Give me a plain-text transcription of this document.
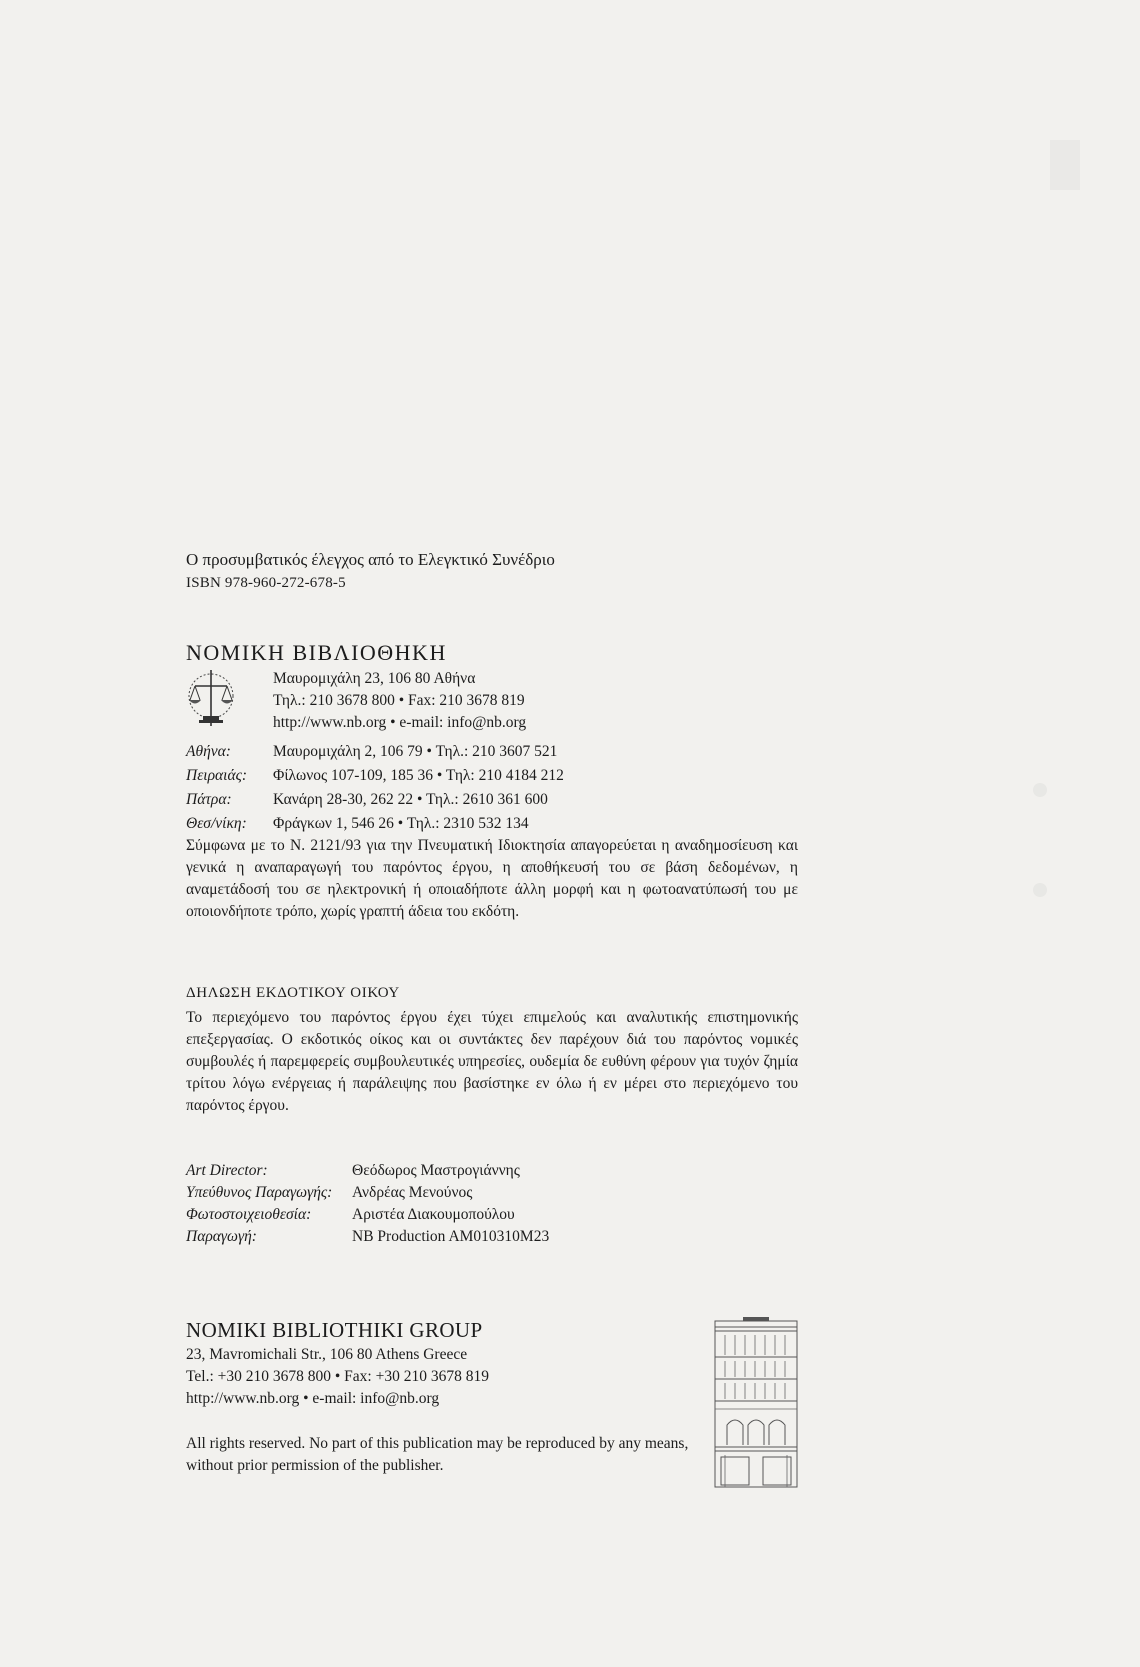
Ο προσυμβατικός έλεγχος από το Ελεγκτικό Συνέδριο
ISBN 978-960-272-678-5
ΝΟΜΙΚΗ ΒΙΒΛΙΟΘΗΚΗ
Μαυρομιχάλη 23, 106 80 Αθήνα
Τηλ.: 210 3678 800 • Fax: 210 3678 819
http://www.nb.org • e-mail: info@nb.org
Αθήνα:	Μαυρομιχάλη 2, 106 79 • Τηλ.: 210 3607 521
Πειραιάς:	Φίλωνος 107-109, 185 36 • Τηλ: 210 4184 212
Πάτρα:	Κανάρη 28-30, 262 22 • Τηλ.: 2610 361 600
Θεσ/νίκη:	Φράγκων 1, 546 26 • Τηλ.: 2310 532 134
Σύμφωνα με το Ν. 2121/93 για την Πνευματική Ιδιοκτησία απαγορεύεται η αναδημοσίευση και γενικά η αναπαραγωγή του παρόντος έργου, η αποθήκευσή του σε βάση δεδομένων, η αναμετάδοσή του σε ηλεκτρονική ή οποιαδήποτε άλλη μορφή και η φωτοανατύπωσή του με οποιονδήποτε τρόπο, χωρίς γραπτή άδεια του εκδότη.
ΔΗΛΩΣΗ ΕΚΔΟΤΙΚΟΥ ΟΙΚΟΥ
Το περιεχόμενο του παρόντος έργου έχει τύχει επιμελούς και αναλυτικής επιστημονικής επεξεργασίας. Ο εκδοτικός οίκος και οι συντάκτες δεν παρέχουν διά του παρόντος νομικές συμβουλές ή παρεμφερείς συμβουλευτικές υπηρεσίες, ουδεμία δε ευθύνη φέρουν για τυχόν ζημία τρίτου λόγω ενέργειας ή παράλειψης που βασίστηκε εν όλω ή εν μέρει στο περιεχόμενο του παρόντος έργου.
Art Director:	Θεόδωρος Μαστρογιάννης
Υπεύθυνος Παραγωγής:	Ανδρέας Μενούνος
Φωτοστοιχειοθεσία:	Αριστέα Διακουμοπούλου
Παραγωγή:	NB Production AM010310M23
NOMIKI BIBLIOTHIKI GROUP
23, Mavromichali Str., 106 80 Athens Greece
Tel.: +30 210 3678 800 • Fax: +30 210 3678 819
http://www.nb.org • e-mail: info@nb.org
All rights reserved. No part of this publication may be reproduced by any means, without prior permission of the publisher.
